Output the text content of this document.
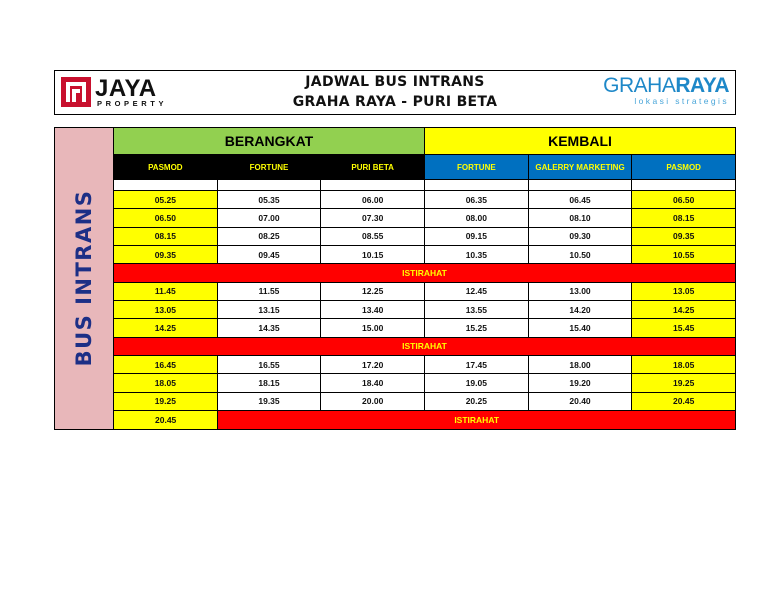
JAYA
PROPERTY
JADWAL BUS INTRANS
GRAHA RAYA - PURI BETA
GRAHARAYA
lokasi strategis
BUS INTRANS
BERANGKAT	KEMBALI
PASMOD	FORTUNE	PURI BETA	FORTUNE	GALERRY MARKETING	PASMOD
05.25	05.35	06.00	06.35	06.45	06.50
06.50	07.00	07.30	08.00	08.10	08.15
08.15	08.25	08.55	09.15	09.30	09.35
09.35	09.45	10.15	10.35	10.50	10.55
ISTIRAHAT
11.45	11.55	12.25	12.45	13.00	13.05
13.05	13.15	13.40	13.55	14.20	14.25
14.25	14.35	15.00	15.25	15.40	15.45
ISTIRAHAT
16.45	16.55	17.20	17.45	18.00	18.05
18.05	18.15	18.40	19.05	19.20	19.25
19.25	19.35	20.00	20.25	20.40	20.45
20.45	ISTIRAHAT
